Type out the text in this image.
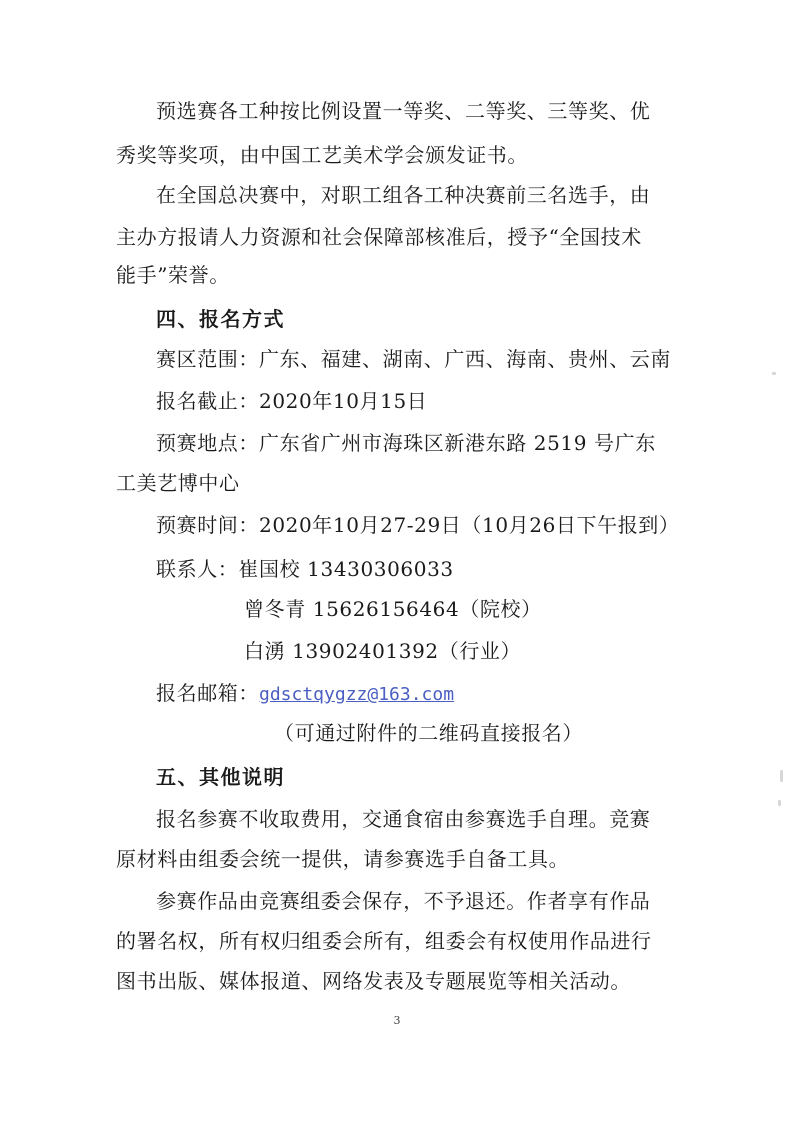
预选赛各工种按比例设置一等奖、二等奖、三等奖、优
秀奖等奖项，由中国工艺美术学会颁发证书。
在全国总决赛中，对职工组各工种决赛前三名选手，由
主办方报请人力资源和社会保障部核准后，授予“全国技术
能手”荣誉。
四、报名方式
赛区范围：广东、福建、湖南、广西、海南、贵州、云南
报名截止：2020年10月15日
预赛地点：广东省广州市海珠区新港东路 2519 号广东
工美艺博中心
预赛时间：2020年10月27-29日（10月26日下午报到）
联系人：崔国校 13430306033
曾冬青 15626156464（院校）
白湧 13902401392（行业）
报名邮箱：gdsctqygzz@163.com
（可通过附件的二维码直接报名）
五、其他说明
报名参赛不收取费用，交通食宿由参赛选手自理。竞赛
原材料由组委会统一提供，请参赛选手自备工具。
参赛作品由竞赛组委会保存，不予退还。作者享有作品
的署名权，所有权归组委会所有，组委会有权使用作品进行
图书出版、媒体报道、网络发表及专题展览等相关活动。
3
